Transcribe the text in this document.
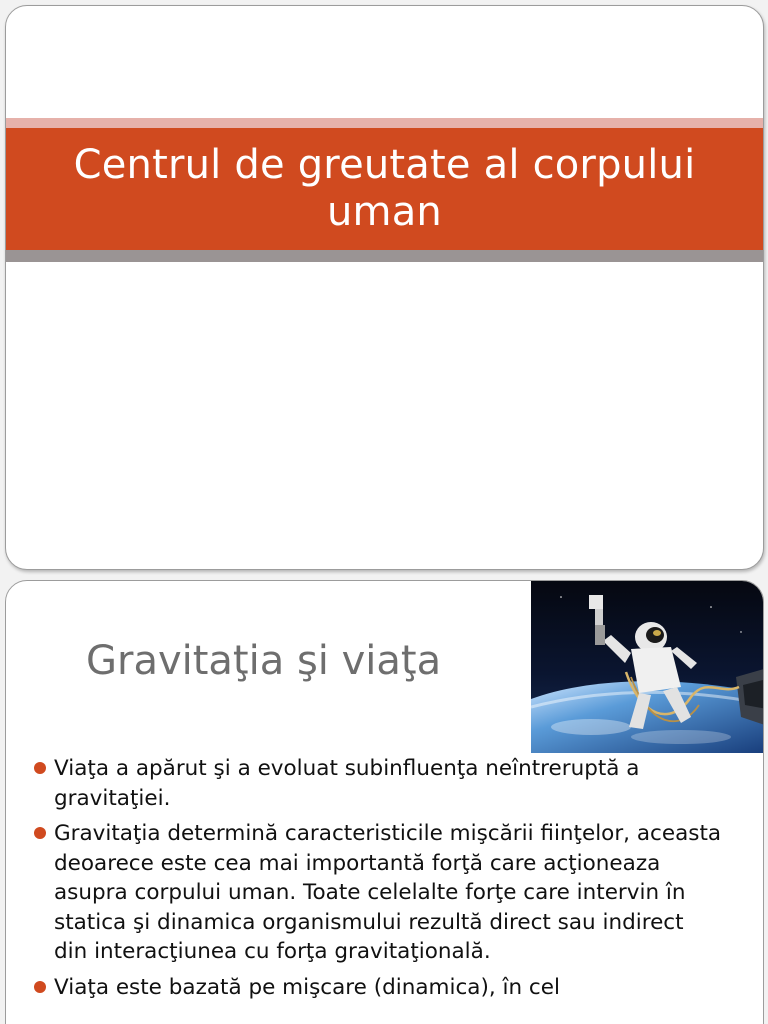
Centrul de greutate al corpului uman
Gravitaţia şi viaţa
Viaţa a apărut şi a evoluat subinfluenţa neîntreruptă a gravitaţiei.
Gravitaţia determină caracteristicile mişcării fiinţelor, aceasta deoarece este cea mai importantă forţă care acţioneaza asupra corpului uman. Toate celelalte forţe care intervin în statica şi dinamica organismului rezultă direct sau indirect din interacţiunea cu forţa gravitaţională.
Viaţa este bazată pe mişcare (dinamica), în cel
